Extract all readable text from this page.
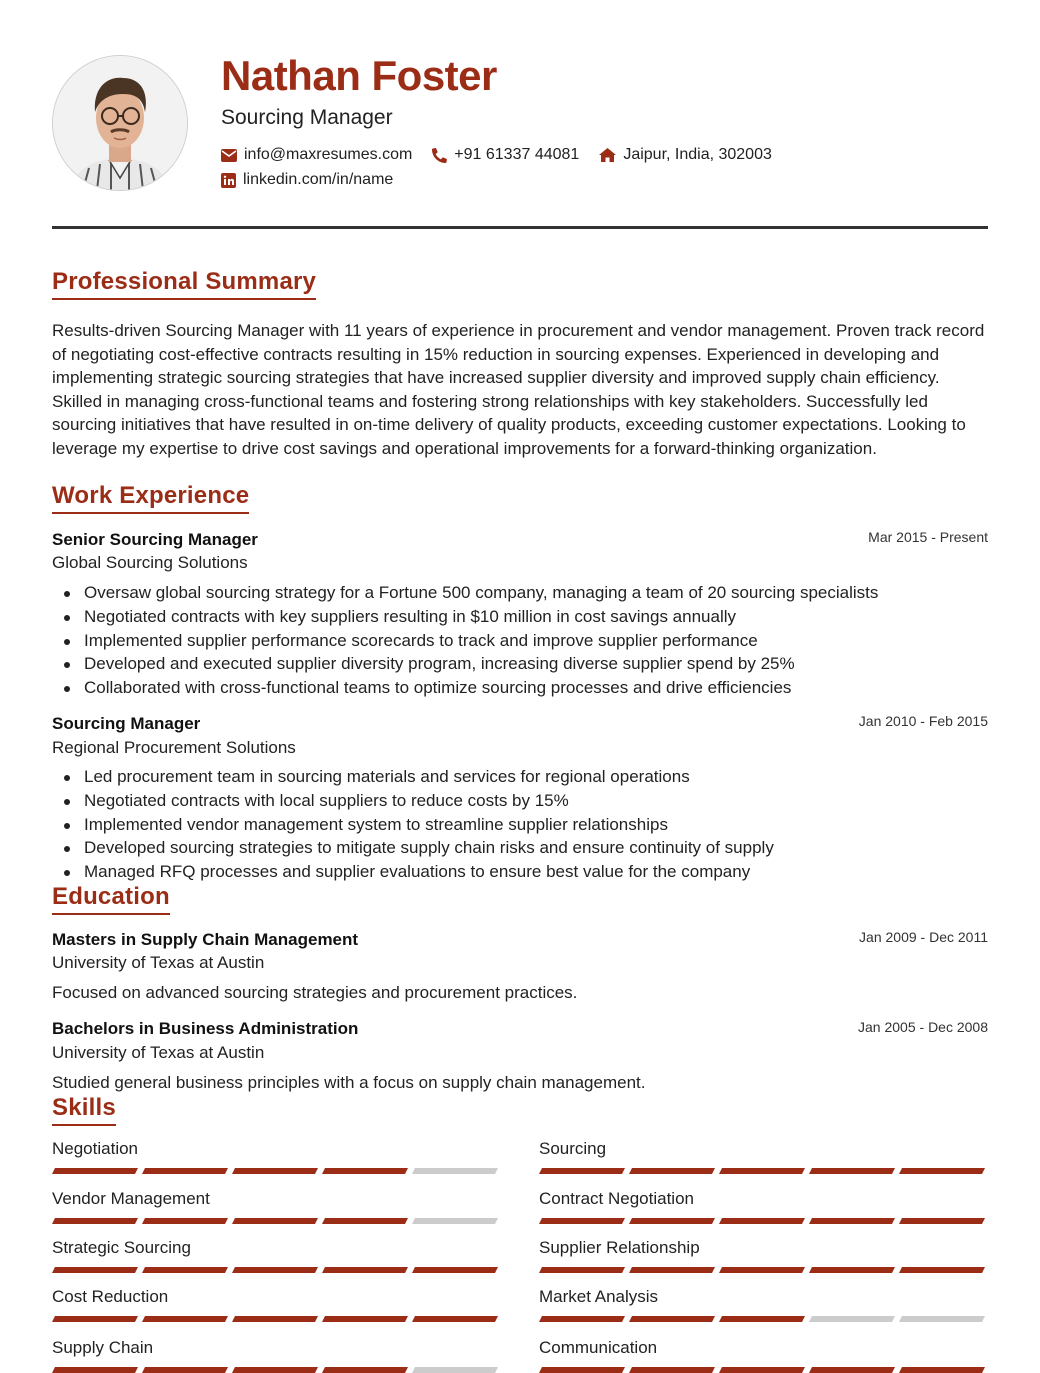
Nathan Foster
Sourcing Manager
info@maxresumes.com	+91 61337 44081	Jaipur, India, 302003
linkedin.com/in/name
Professional Summary
Results-driven Sourcing Manager with 11 years of experience in procurement and vendor management. Proven track record of negotiating cost-effective contracts resulting in 15% reduction in sourcing expenses. Experienced in developing and implementing strategic sourcing strategies that have increased supplier diversity and improved supply chain efficiency. Skilled in managing cross-functional teams and fostering strong relationships with key stakeholders. Successfully led sourcing initiatives that have resulted in on-time delivery of quality products, exceeding customer expectations. Looking to leverage my expertise to drive cost savings and operational improvements for a forward-thinking organization.
Work Experience
Senior Sourcing Manager	Mar 2015 - Present
Global Sourcing Solutions
Oversaw global sourcing strategy for a Fortune 500 company, managing a team of 20 sourcing specialists
Negotiated contracts with key suppliers resulting in $10 million in cost savings annually
Implemented supplier performance scorecards to track and improve supplier performance
Developed and executed supplier diversity program, increasing diverse supplier spend by 25%
Collaborated with cross-functional teams to optimize sourcing processes and drive efficiencies
Sourcing Manager	Jan 2010 - Feb 2015
Regional Procurement Solutions
Led procurement team in sourcing materials and services for regional operations
Negotiated contracts with local suppliers to reduce costs by 15%
Implemented vendor management system to streamline supplier relationships
Developed sourcing strategies to mitigate supply chain risks and ensure continuity of supply
Managed RFQ processes and supplier evaluations to ensure best value for the company
Education
Masters in Supply Chain Management	Jan 2009 - Dec 2011
University of Texas at Austin
Focused on advanced sourcing strategies and procurement practices.
Bachelors in Business Administration	Jan 2005 - Dec 2008
University of Texas at Austin
Studied general business principles with a focus on supply chain management.
Skills
Negotiation	Sourcing
Vendor Management	Contract Negotiation
Strategic Sourcing	Supplier Relationship
Cost Reduction	Market Analysis
Supply Chain	Communication
